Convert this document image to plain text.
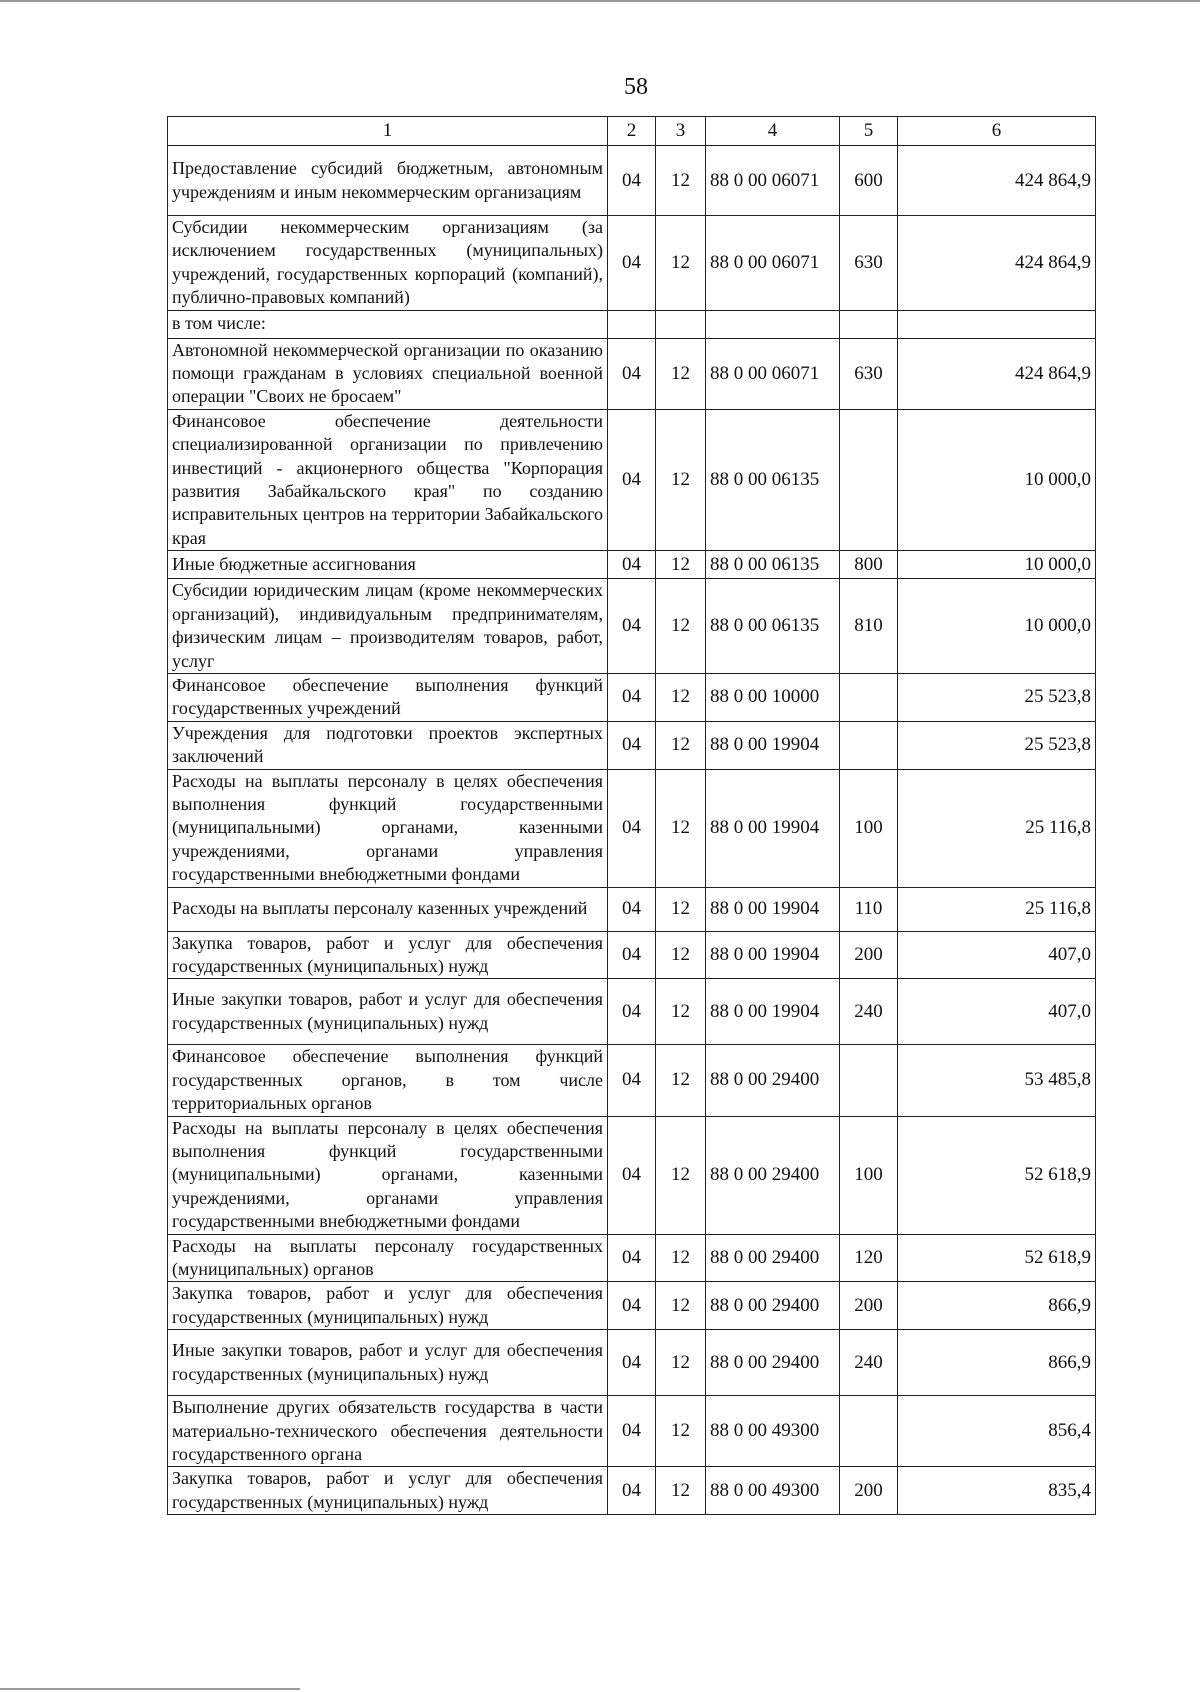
58
1	2	3	4	5	6
Предоставление субсидий бюджетным, автономным учреждениям и иным некоммерческим организациям	04	12	88 0 00 06071	600	424 864,9
Субсидии некоммерческим организациям (за исключением государственных (муниципальных) учреждений, государственных корпораций (компаний), публично-правовых компаний)	04	12	88 0 00 06071	630	424 864,9
в том числе:					
Автономной некоммерческой организации по оказанию помощи гражданам в условиях специальной военной операции "Своих не бросаем"	04	12	88 0 00 06071	630	424 864,9
Финансовое обеспечение деятельности специализированной организации по привлечению инвестиций - акционерного общества "Корпорация развития Забайкальского края" по созданию исправительных центров на территории Забайкальского края	04	12	88 0 00 06135		10 000,0
Иные бюджетные ассигнования	04	12	88 0 00 06135	800	10 000,0
Субсидии юридическим лицам (кроме некоммерческих организаций), индивидуальным предпринимателям, физическим лицам – производителям товаров, работ, услуг	04	12	88 0 00 06135	810	10 000,0
Финансовое обеспечение выполнения функций государственных учреждений	04	12	88 0 00 10000		25 523,8
Учреждения для подготовки проектов экспертных заключений	04	12	88 0 00 19904		25 523,8
Расходы на выплаты персоналу в целях обеспечения выполнения функций государственными (муниципальными) органами, казенными учреждениями, органами управления государственными внебюджетными фондами	04	12	88 0 00 19904	100	25 116,8
Расходы на выплаты персоналу казенных учреждений	04	12	88 0 00 19904	110	25 116,8
Закупка товаров, работ и услуг для обеспечения государственных (муниципальных) нужд	04	12	88 0 00 19904	200	407,0
Иные закупки товаров, работ и услуг для обеспечения государственных (муниципальных) нужд	04	12	88 0 00 19904	240	407,0
Финансовое обеспечение выполнения функций государственных органов, в том числе территориальных органов	04	12	88 0 00 29400		53 485,8
Расходы на выплаты персоналу в целях обеспечения выполнения функций государственными (муниципальными) органами, казенными учреждениями, органами управления государственными внебюджетными фондами	04	12	88 0 00 29400	100	52 618,9
Расходы на выплаты персоналу государственных (муниципальных) органов	04	12	88 0 00 29400	120	52 618,9
Закупка товаров, работ и услуг для обеспечения государственных (муниципальных) нужд	04	12	88 0 00 29400	200	866,9
Иные закупки товаров, работ и услуг для обеспечения государственных (муниципальных) нужд	04	12	88 0 00 29400	240	866,9
Выполнение других обязательств государства в части материально-технического обеспечения деятельности государственного органа	04	12	88 0 00 49300		856,4
Закупка товаров, работ и услуг для обеспечения государственных (муниципальных) нужд	04	12	88 0 00 49300	200	835,4
